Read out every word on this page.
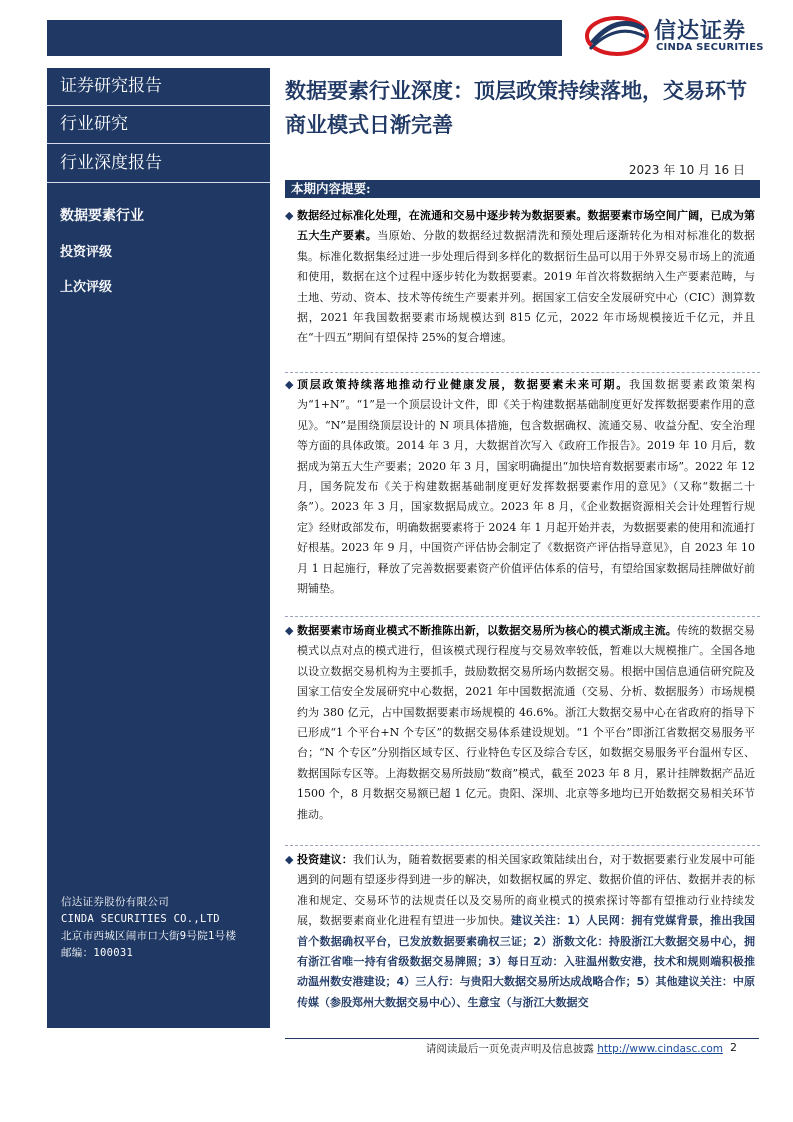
信达证券
CINDA SECURITIES
证券研究报告
行业研究
行业深度报告
数据要素行业
投资评级
上次评级
信达证券股份有限公司
CINDA SECURITIES CO.,LTD
北京市西城区闹市口大街9号院1号楼
邮编：100031
数据要素行业深度：顶层政策持续落地，交易环节商业模式日渐完善
2023 年 10 月 16 日
本期内容提要:
◆ 数据经过标准化处理，在流通和交易中逐步转为数据要素。数据要素市场空间广阔，已成为第五大生产要素。当原始、分散的数据经过数据清洗和预处理后逐渐转化为相对标准化的数据集。标准化数据集经过进一步处理后得到多样化的数据衍生品可以用于外界交易市场上的流通和使用，数据在这个过程中逐步转化为数据要素。2019 年首次将数据纳入生产要素范畴，与土地、劳动、资本、技术等传统生产要素并列。据国家工信安全发展研究中心（CIC）测算数据，2021 年我国数据要素市场规模达到 815 亿元，2022 年市场规模接近千亿元，并且在“十四五”期间有望保持 25%的复合增速。
◆ 顶层政策持续落地推动行业健康发展，数据要素未来可期。我国数据要素政策架构为“1+N”。“1”是一个顶层设计文件，即《关于构建数据基础制度更好发挥数据要素作用的意见》。“N”是围绕顶层设计的 N 项具体措施，包含数据确权、流通交易、收益分配、安全治理等方面的具体政策。2014 年 3 月，大数据首次写入《政府工作报告》。2019 年 10 月后，数据成为第五大生产要素；2020 年 3 月，国家明确提出“加快培育数据要素市场”。2022 年 12 月，国务院发布《关于构建数据基础制度更好发挥数据要素作用的意见》（又称“数据二十条”）。2023 年 3 月，国家数据局成立。2023 年 8 月，《企业数据资源相关会计处理暂行规定》经财政部发布，明确数据要素将于 2024 年 1 月起开始并表，为数据要素的使用和流通打好根基。2023 年 9 月，中国资产评估协会制定了《数据资产评估指导意见》，自 2023 年 10 月 1 日起施行，释放了完善数据要素资产价值评估体系的信号，有望给国家数据局挂牌做好前期铺垫。
◆ 数据要素市场商业模式不断推陈出新，以数据交易所为核心的模式渐成主流。传统的数据交易模式以点对点的模式进行，但该模式现行程度与交易效率较低，暂难以大规模推广。全国各地以设立数据交易机构为主要抓手，鼓励数据交易所场内数据交易。根据中国信息通信研究院及国家工信安全发展研究中心数据，2021 年中国数据流通（交易、分析、数据服务）市场规模约为 380 亿元，占中国数据要素市场规模的 46.6%。浙江大数据交易中心在省政府的指导下已形成“1 个平台+N 个专区”的数据交易体系建设规划。“1 个平台”即浙江省数据交易服务平台；“N 个专区”分别指区域专区、行业特色专区及综合专区，如数据交易服务平台温州专区、数据国际专区等。上海数据交易所鼓励“数商”模式，截至 2023 年 8 月，累计挂牌数据产品近 1500 个，8 月数据交易额已超 1 亿元。贵阳、深圳、北京等多地均已开始数据交易相关环节推动。
◆ 投资建议：我们认为，随着数据要素的相关国家政策陆续出台，对于数据要素行业发展中可能遇到的问题有望逐步得到进一步的解决，如数据权属的界定、数据价值的评估、数据并表的标准和规定、交易环节的法规责任以及交易所的商业模式的摸索探讨等都有望推动行业持续发展，数据要素商业化进程有望进一步加快。建议关注：1）人民网：拥有党媒背景，推出我国首个数据确权平台，已发放数据要素确权三证；2）浙数文化：持股浙江大数据交易中心，拥有浙江省唯一持有省级数据交易牌照；3）每日互动：入驻温州数安港，技术和规则端积极推动温州数安港建设；4）三人行：与贵阳大数据交易所达成战略合作；5）其他建议关注：中原传媒（参股郑州大数据交易中心）、生意宝（与浙江大数据交
请阅读最后一页免责声明及信息披露 http://www.cindasc.com 2
